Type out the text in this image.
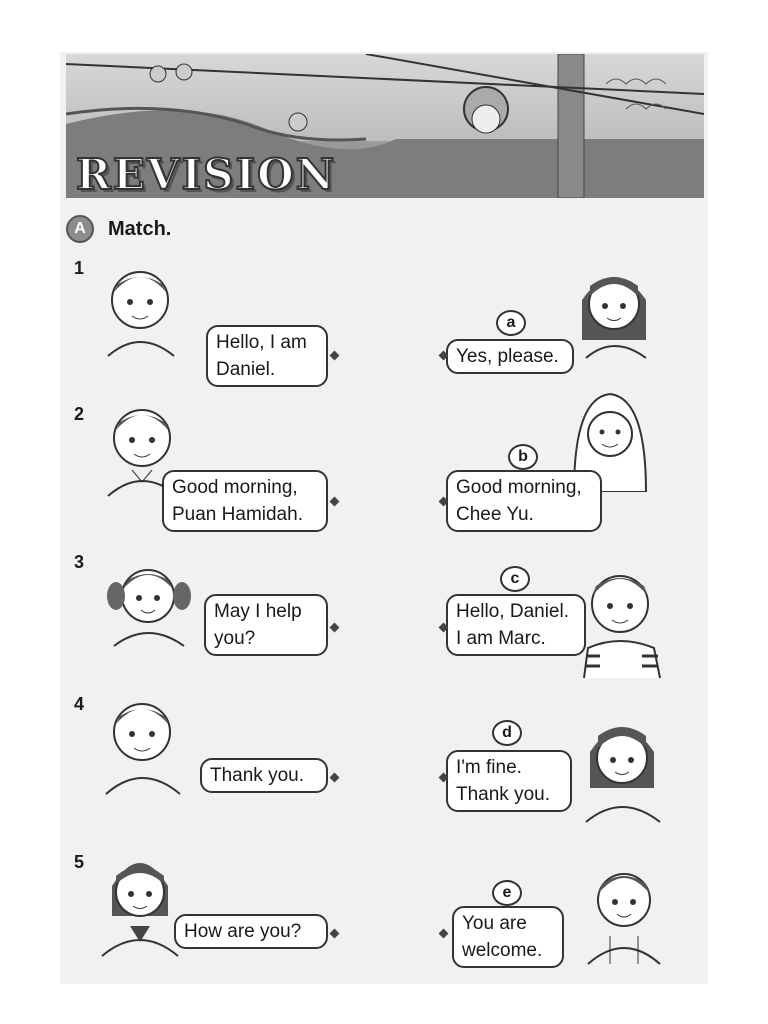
REVISION
A	Match.
1
2
3
4
5
Hello, I am
Daniel.
Good morning,
Puan Hamidah.
May I help
you?
Thank you.
How are you?
a
b
c
d
e
Yes, please.
Good morning,
Chee Yu.
Hello, Daniel.
I am Marc.
I'm fine.
Thank you.
You are
welcome.
